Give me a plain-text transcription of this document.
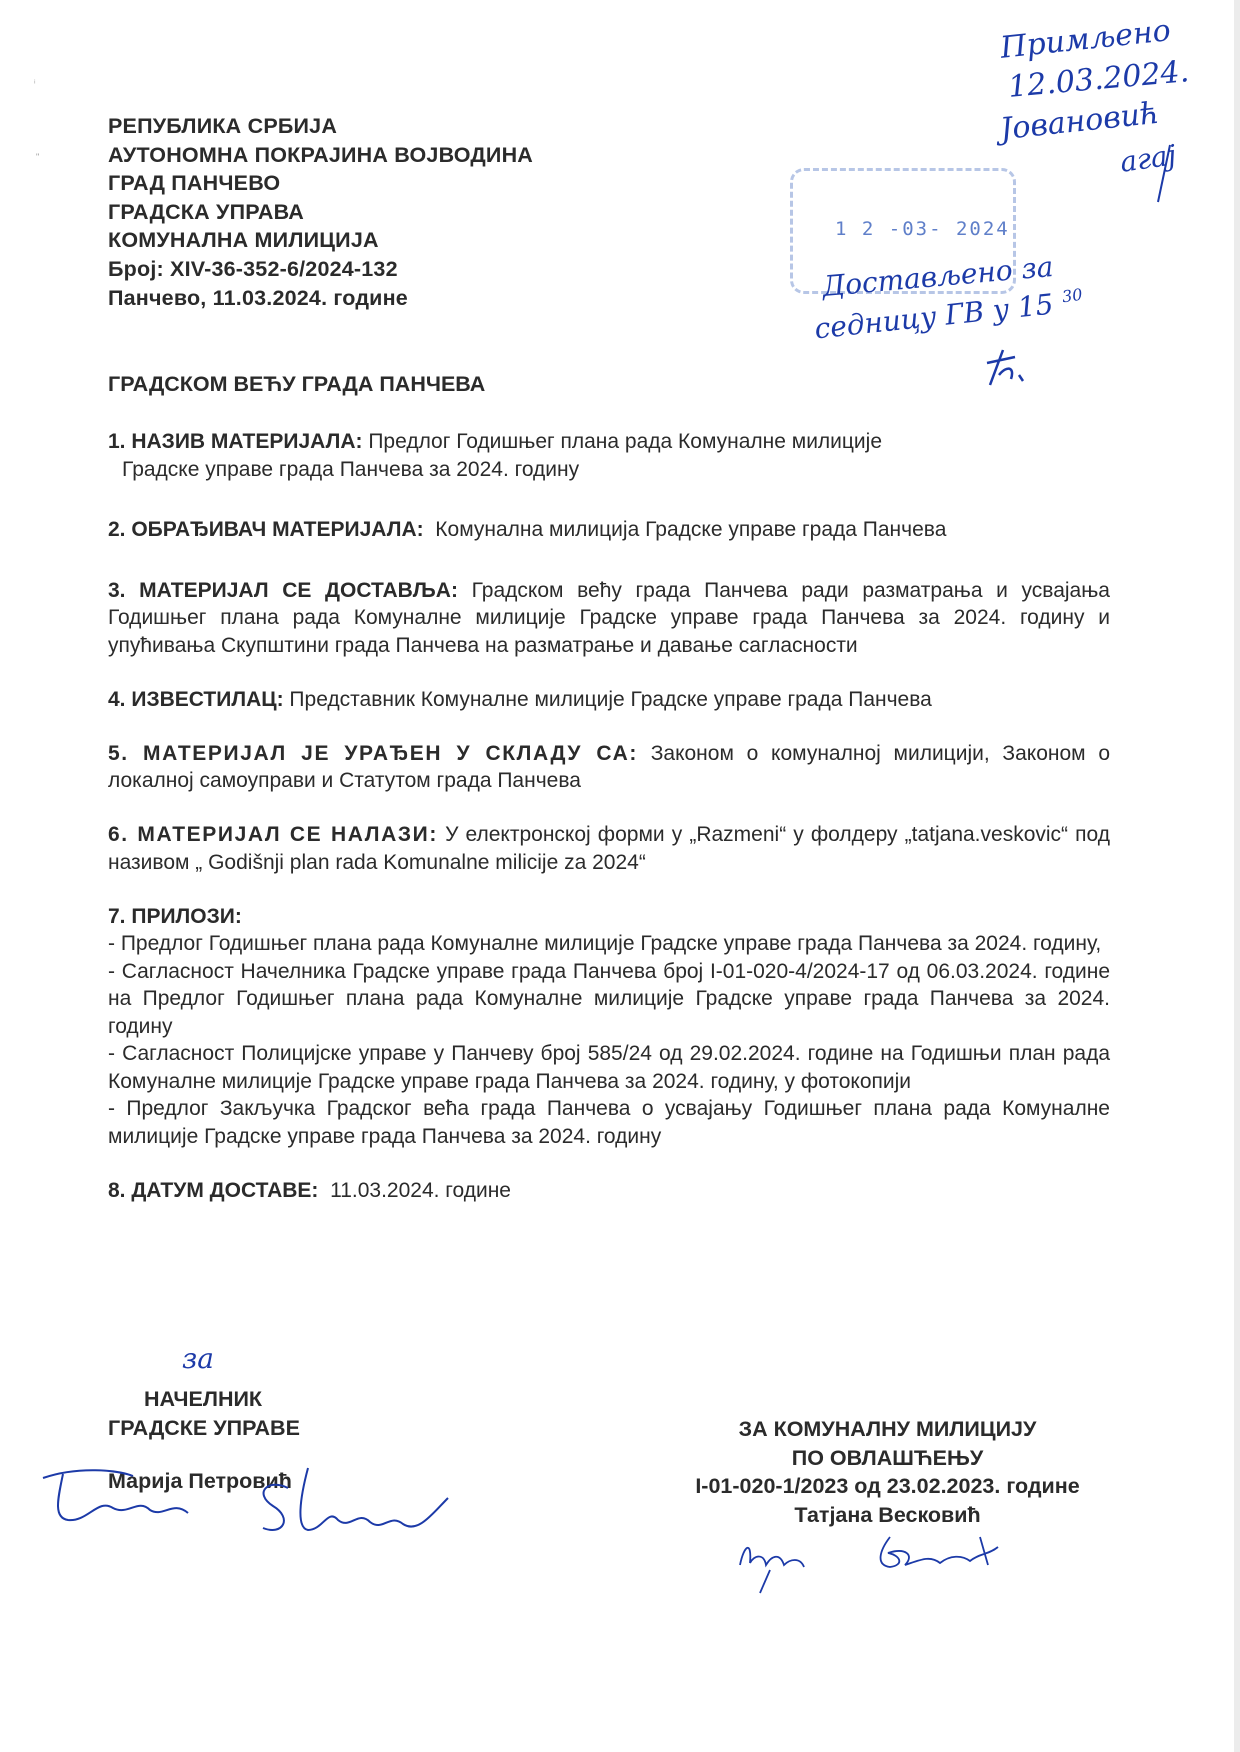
ⁱ
ʺ
РЕПУБЛИКА СРБИЈА
АУТОНОМНА ПОКРАЈИНА ВОЈВОДИНА
ГРАД ПАНЧЕВО
ГРАДСКА УПРАВА
КОМУНАЛНА МИЛИЦИЈА
Број: XIV-36-352-6/2024-132
Панчево, 11.03.2024. године
1 2 -03- 2024
Примљено
12.03.2024.
Јовановић
агај
Достављено за
седницу ГВ у 15 30
ГРАДСКОМ ВЕЋУ ГРАДА ПАНЧЕВА
1. НАЗИВ МАТЕРИЈАЛА: Предлог Годишњег плана рада Комуналне милиције
Градске управе града Панчева за 2024. годину
2. ОБРАЂИВАЧ МАТЕРИЈАЛА: Комунална милиција Градске управе града Панчева
3. МАТЕРИЈАЛ СЕ ДОСТАВЉА: Градском већу града Панчева ради разматрања и усвајања Годишњег плана рада Комуналне милиције Градске управе града Панчева за 2024. годину и упућивања Скупштини града Панчева на разматрање и давање сагласности
4. ИЗВЕСТИЛАЦ: Представник Комуналне милиције Градске управе града Панчева
5. МАТЕРИЈАЛ ЈЕ УРАЂЕН У СКЛАДУ СА: Законом о комуналној милицији, Законом о локалној самоуправи и Статутом града Панчева
6. МАТЕРИЈАЛ СЕ НАЛАЗИ: У електронској форми у „Razmeni“ у фолдеру „tatjana.veskovic“ под називом „ Godišnji plan rada Komunalne milicije za 2024“
7. ПРИЛОЗИ:
- Предлог Годишњег плана рада Комуналне милиције Градске управе града Панчева за 2024. годину,
- Сагласност Начелника Градске управе града Панчева број I-01-020-4/2024-17 од 06.03.2024. године на Предлог Годишњег плана рада Комуналне милиције Градске управе града Панчева за 2024. годину
- Сагласност Полицијске управе у Панчеву број 585/24 од 29.02.2024. године на Годишњи план рада Комуналне милиције Градске управе града Панчева за 2024. годину, у фотокопији
- Предлог Закључка Градског већа града Панчева о усвајању Годишњег плана рада Комуналне милиције Градске управе града Панчева за 2024. годину
8. ДАТУМ ДОСТАВЕ: 11.03.2024. године
за
НАЧЕЛНИК
ГРАДСКЕ УПРАВЕ
Марија Петровић
ЗА КОМУНАЛНУ МИЛИЦИЈУ
ПО ОВЛАШЋЕЊУ
I-01-020-1/2023 од 23.02.2023. године
Татјана Весковић
